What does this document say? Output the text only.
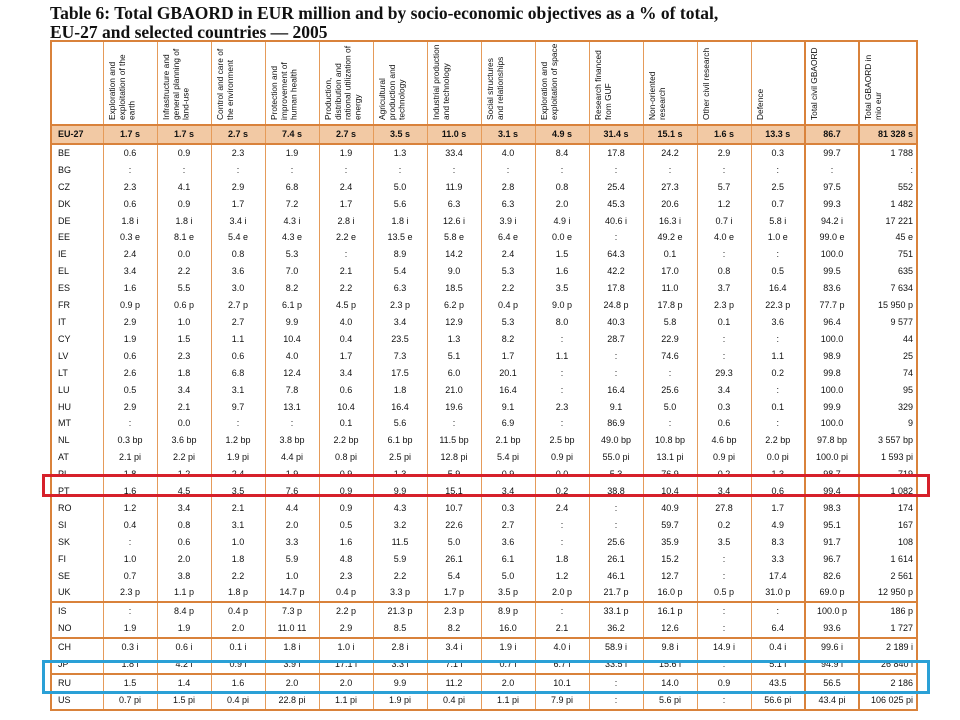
Table 6: Total GBAORD in EUR million and by socio-economic objectives as a % of total,
EU-27 and selected countries — 2005

	Exploration and exploitation of the earth	Infrastructure and general planning of land-use	Control and care of the environment	Protection and improvement of human health	Production, distribution and rational utilization of energy	Agricultural production and technology	Industrial production and technology	Social structures and relationships	Exploration and exploitation of space	Research financed from GUF	Non-oriented research	Other civil research	Defence	Total civil GBAORD	Total GBAORD in mio eur

EU-27	1.7 s	1.7 s	2.7 s	7.4 s	2.7 s	3.5 s	11.0 s	3.1 s	4.9 s	31.4 s	15.1 s	1.6 s	13.3 s	86.7	81 328 s
BE	0.6	0.9	2.3	1.9	1.9	1.3	33.4	4.0	8.4	17.8	24.2	2.9	0.3	99.7	1 788
BG	:	:	:	:	:	:	:	:	:	:	:	:	:	:	:
CZ	2.3	4.1	2.9	6.8	2.4	5.0	11.9	2.8	0.8	25.4	27.3	5.7	2.5	97.5	552
DK	0.6	0.9	1.7	7.2	1.7	5.6	6.3	6.3	2.0	45.3	20.6	1.2	0.7	99.3	1 482
DE	1.8 i	1.8 i	3.4 i	4.3 i	2.8 i	1.8 i	12.6 i	3.9 i	4.9 i	40.6 i	16.3 i	0.7 i	5.8 i	94.2 i	17 221
EE	0.3 e	8.1 e	5.4 e	4.3 e	2.2 e	13.5 e	5.8 e	6.4 e	0.0 e	:	49.2 e	4.0 e	1.0 e	99.0 e	45 e
IE	2.4	0.0	0.8	5.3	:	8.9	14.2	2.4	1.5	64.3	0.1	:	:	100.0	751
EL	3.4	2.2	3.6	7.0	2.1	5.4	9.0	5.3	1.6	42.2	17.0	0.8	0.5	99.5	635
ES	1.6	5.5	3.0	8.2	2.2	6.3	18.5	2.2	3.5	17.8	11.0	3.7	16.4	83.6	7 634
FR	0.9 p	0.6 p	2.7 p	6.1 p	4.5 p	2.3 p	6.2 p	0.4 p	9.0 p	24.8 p	17.8 p	2.3 p	22.3 p	77.7 p	15 950 p
IT	2.9	1.0	2.7	9.9	4.0	3.4	12.9	5.3	8.0	40.3	5.8	0.1	3.6	96.4	9 577
CY	1.9	1.5	1.1	10.4	0.4	23.5	1.3	8.2	:	28.7	22.9	:	:	100.0	44
LV	0.6	2.3	0.6	4.0	1.7	7.3	5.1	1.7	1.1	:	74.6	:	1.1	98.9	25
LT	2.6	1.8	6.8	12.4	3.4	17.5	6.0	20.1	:	:	:	29.3	0.2	99.8	74
LU	0.5	3.4	3.1	7.8	0.6	1.8	21.0	16.4	:	16.4	25.6	3.4	:	100.0	95
HU	2.9	2.1	9.7	13.1	10.4	16.4	19.6	9.1	2.3	9.1	5.0	0.3	0.1	99.9	329
MT	:	0.0	:	:	0.1	5.6	:	6.9	:	86.9	:	0.6	:	100.0	9
NL	0.3 bp	3.6 bp	1.2 bp	3.8 bp	2.2 bp	6.1 bp	11.5 bp	2.1 bp	2.5 bp	49.0 bp	10.8 bp	4.6 bp	2.2 bp	97.8 bp	3 557 bp
AT	2.1 pi	2.2 pi	1.9 pi	4.4 pi	0.8 pi	2.5 pi	12.8 pi	5.4 pi	0.9 pi	55.0 pi	13.1 pi	0.9 pi	0.0 pi	100.0 pi	1 593 pi
PL	1.8	1.2	2.4	1.9	0.9	1.3	5.9	0.9	0.0	5.3	76.9	0.2	1.3	98.7	719
PT	1.6	4.5	3.5	7.6	0.9	9.9	15.1	3.4	0.2	38.8	10.4	3.4	0.6	99.4	1 082
RO	1.2	3.4	2.1	4.4	0.9	4.3	10.7	0.3	2.4	:	40.9	27.8	1.7	98.3	174
SI	0.4	0.8	3.1	2.0	0.5	3.2	22.6	2.7	:	:	59.7	0.2	4.9	95.1	167
SK	:	0.6	1.0	3.3	1.6	11.5	5.0	3.6	:	25.6	35.9	3.5	8.3	91.7	108
FI	1.0	2.0	1.8	5.9	4.8	5.9	26.1	6.1	1.8	26.1	15.2	:	3.3	96.7	1 614
SE	0.7	3.8	2.2	1.0	2.3	2.2	5.4	5.0	1.2	46.1	12.7	:	17.4	82.6	2 561
UK	2.3 p	1.1 p	1.8 p	14.7 p	0.4 p	3.3 p	1.7 p	3.5 p	2.0 p	21.7 p	16.0 p	0.5 p	31.0 p	69.0 p	12 950 p
IS	:	8.4 p	0.4 p	7.3 p	2.2 p	21.3 p	2.3 p	8.9 p	:	33.1 p	16.1 p	:	:	100.0 p	186 p
NO	1.9	1.9	2.0	11.0 11	2.9	8.5	8.2	16.0	2.1	36.2	12.6	:	6.4	93.6	1 727
CH	0.3 i	0.6 i	0.1 i	1.8 i	1.0 i	2.8 i	3.4 i	1.9 i	4.0 i	58.9 i	9.8 i	14.9 i	0.4 i	99.6 i	2 189 i
JP	1.8 i	4.2 i	0.9 i	3.9 i	17.1 i	3.3 i	7.1 i	0.7 i	6.7 i	33.5 i	15.6 i	:	5.1 i	94.9 i	26 840 i
RU	1.5	1.4	1.6	2.0	2.0	9.9	11.2	2.0	10.1	:	14.0	0.9	43.5	56.5	2 186
US	0.7 pi	1.5 pi	0.4 pi	22.8 pi	1.1 pi	1.9 pi	0.4 pi	1.1 pi	7.9 pi	:	5.6 pi	:	56.6 pi	43.4 pi	106 025 pi
